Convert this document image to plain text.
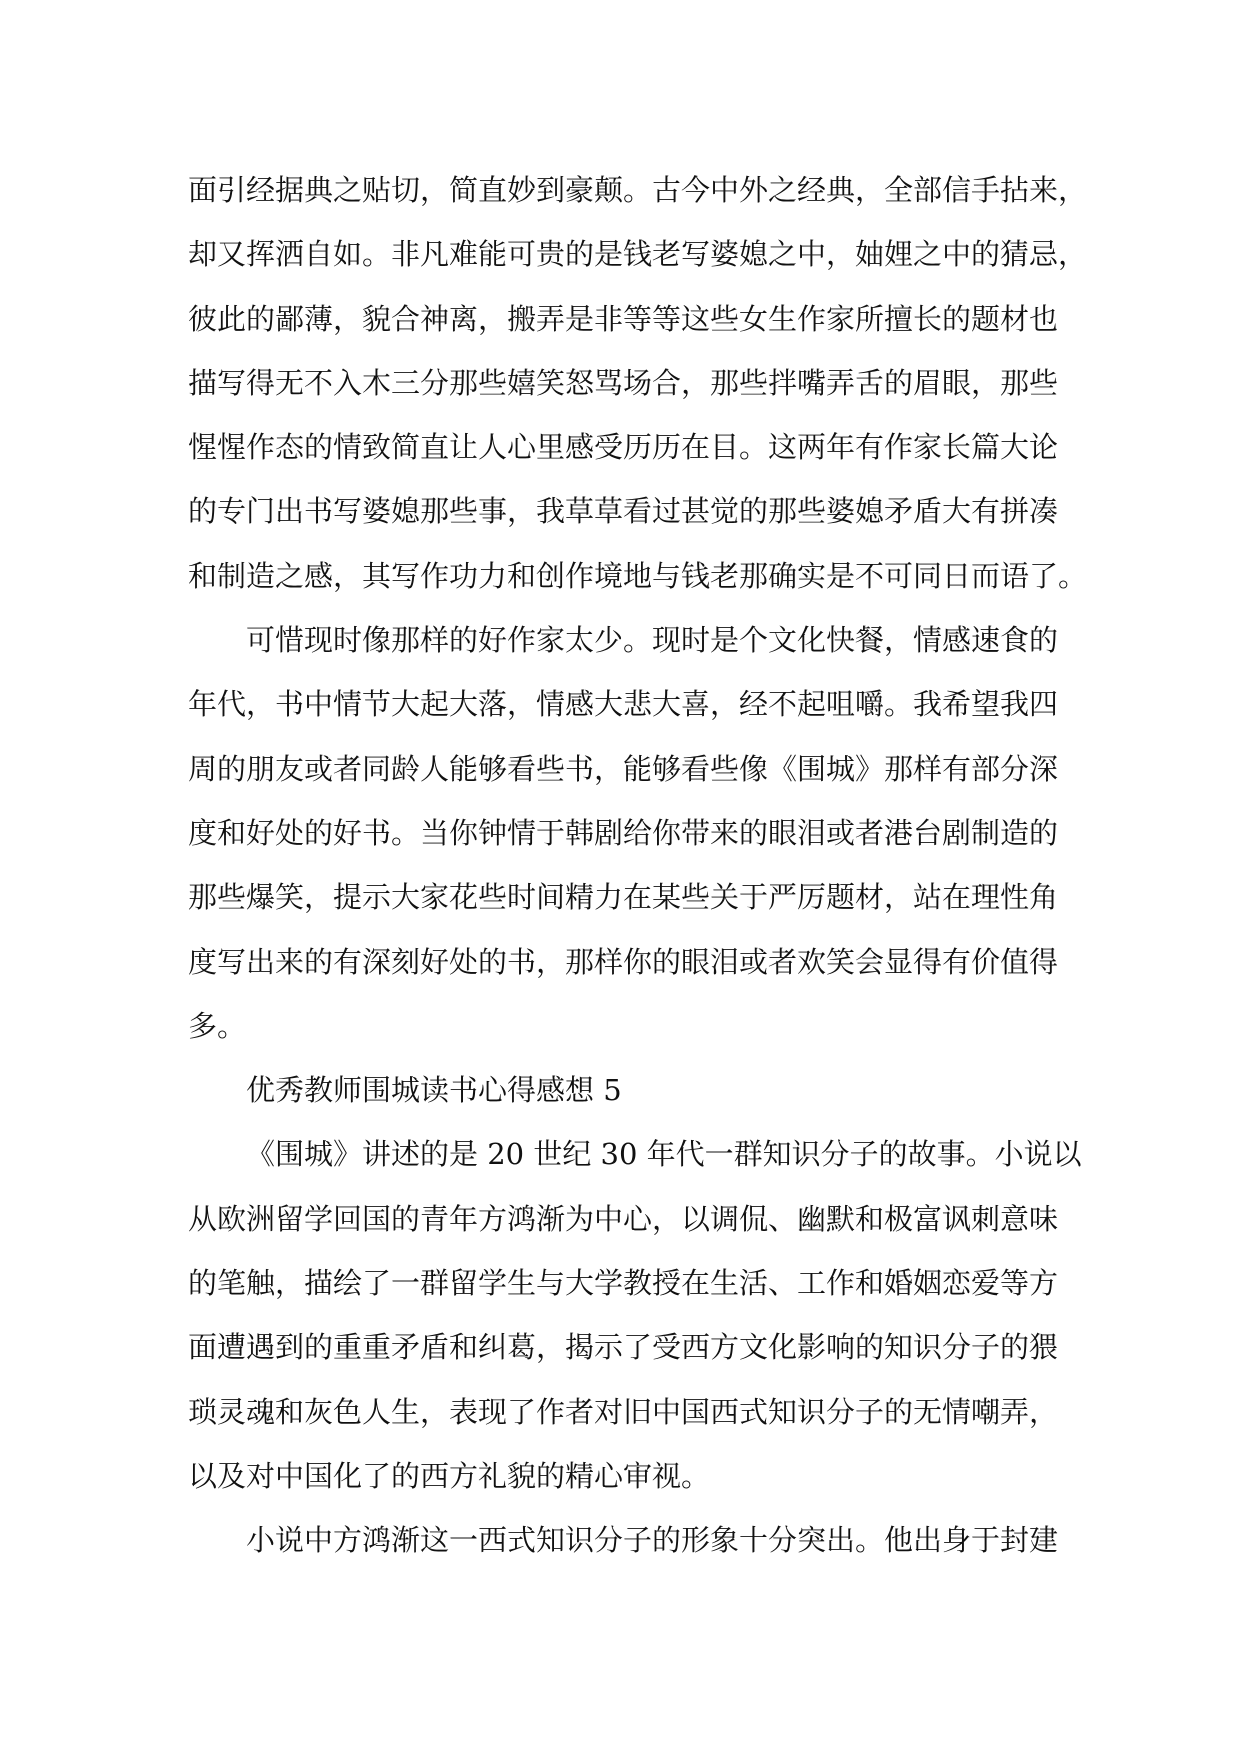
面引经据典之贴切，简直妙到豪颠。古今中外之经典，全部信手拈来，
却又挥洒自如。非凡难能可贵的是钱老写婆媳之中，妯娌之中的猜忌，
彼此的鄙薄，貌合神离，搬弄是非等等这些女生作家所擅长的题材也
描写得无不入木三分那些嬉笑怒骂场合，那些拌嘴弄舌的眉眼，那些
惺惺作态的情致简直让人心里感受历历在目。这两年有作家长篇大论
的专门出书写婆媳那些事，我草草看过甚觉的那些婆媳矛盾大有拼凑
和制造之感，其写作功力和创作境地与钱老那确实是不可同日而语了。
可惜现时像那样的好作家太少。现时是个文化快餐，情感速食的
年代，书中情节大起大落，情感大悲大喜，经不起咀嚼。我希望我四
周的朋友或者同龄人能够看些书，能够看些像《围城》那样有部分深
度和好处的好书。当你钟情于韩剧给你带来的眼泪或者港台剧制造的
那些爆笑，提示大家花些时间精力在某些关于严厉题材，站在理性角
度写出来的有深刻好处的书，那样你的眼泪或者欢笑会显得有价值得
多。
优秀教师围城读书心得感想 5
《围城》讲述的是 20 世纪 30 年代一群知识分子的故事。小说以
从欧洲留学回国的青年方鸿渐为中心，以调侃、幽默和极富讽刺意味
的笔触，描绘了一群留学生与大学教授在生活、工作和婚姻恋爱等方
面遭遇到的重重矛盾和纠葛，揭示了受西方文化影响的知识分子的猥
琐灵魂和灰色人生，表现了作者对旧中国西式知识分子的无情嘲弄，
以及对中国化了的西方礼貌的精心审视。
小说中方鸿渐这一西式知识分子的形象十分突出。他出身于封建
